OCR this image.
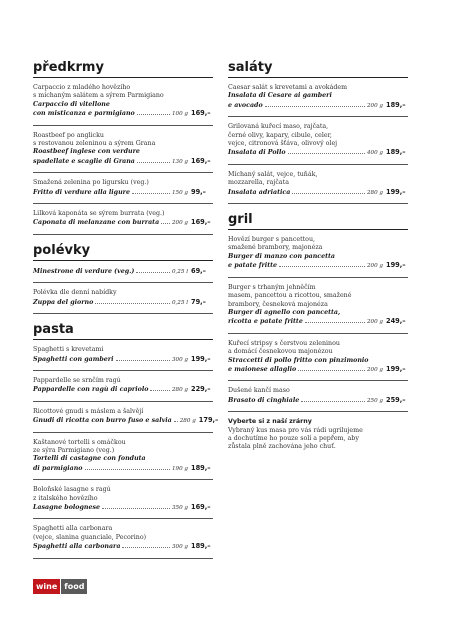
předkrmy
Carpaccio z mladého hovězího
s míchaným salátem a sýrem Parmigiano
Carpaccio di vitellone
con misticanza e parmigiano	100 g 169,–
Roastbeef po anglicku
s restovanou zeleninou a sýrem Grana
Roastbeef inglese con verdure
spadellate e scaglie di Grana	130 g 169,–
Smažená zelenina po ligursku (veg.)
Fritto di verdure alla ligure	150 g 99,–
Lilková kaponáta se sýrem burrata (veg.)
Caponata di melanzane con burrata 200 g 169,–
polévky
Minestrone di verdure (veg.)	0,25 l 69,–
Polévka dle denní nabídky
Zuppa del giorno	0,25 l 79,–
pasta
Spaghetti s krevetami
Spaghetti con gamberi	300 g 199,–
Pappardelle se srnčím ragú
Pappardelle con ragù di capriolo	280 g 229,–
Ricottové gnudi s máslem a šalvějí
Gnudi di ricotta con burro fuso e salvia 280 g 179,–
Kaštanové tortelli s omáčkou
ze sýra Parmigiano (veg.)
Tortelli di castagne con fonduta
di parmigiano	190 g 189,–
Boloňské lasagne s ragú
z italského hovězího
Lasagne bolognese	350 g 169,–
Spaghetti alla carbonara
(vejce, slanina guanciale, Pecorino)
Spaghetti alla carbonara	300 g 189,–
saláty
Caesar salát s krevetami a avokádem
Insalata di Cesare ai gamberi
e avocado	200 g 189,–
Grilovaná kuřecí maso, rajčata,
černé olivy, kapary, cibule, celer,
vejce, citronová šťáva, olivový olej
Insalata di Pollo	400 g 189,–
Míchaný salát, vejce, tuňák,
mozzarella, rajčata
Insalata adriatica	280 g 199,–
gril
Hovězí burger s pancettou,
smažené brambory, majonéza
Burger di manzo con pancetta
e patate fritte	200 g 199,–
Burger s trhaným jehněčím
masem, pancettou a ricottou, smažené
brambory, česneková majonéza
Burger di agnello con pancetta,
ricotta e patate fritte	200 g 249,–
Kuřecí stripsy s čerstvou zeleninou
a domácí česnekovou majonézou
Straccetti di pollo fritto con pinzimonio
e maionese allaglio	200 g 199,–
Dušené kančí maso
Brasato di cinghiale	250 g 259,–
Vyberte si z naší zrárny
Vybraný kus masa pro vás rádi ugrilujeme
a dochutíme ho pouze solí a pepřem, aby
zůstala plně zachována jeho chuť.
wine food
